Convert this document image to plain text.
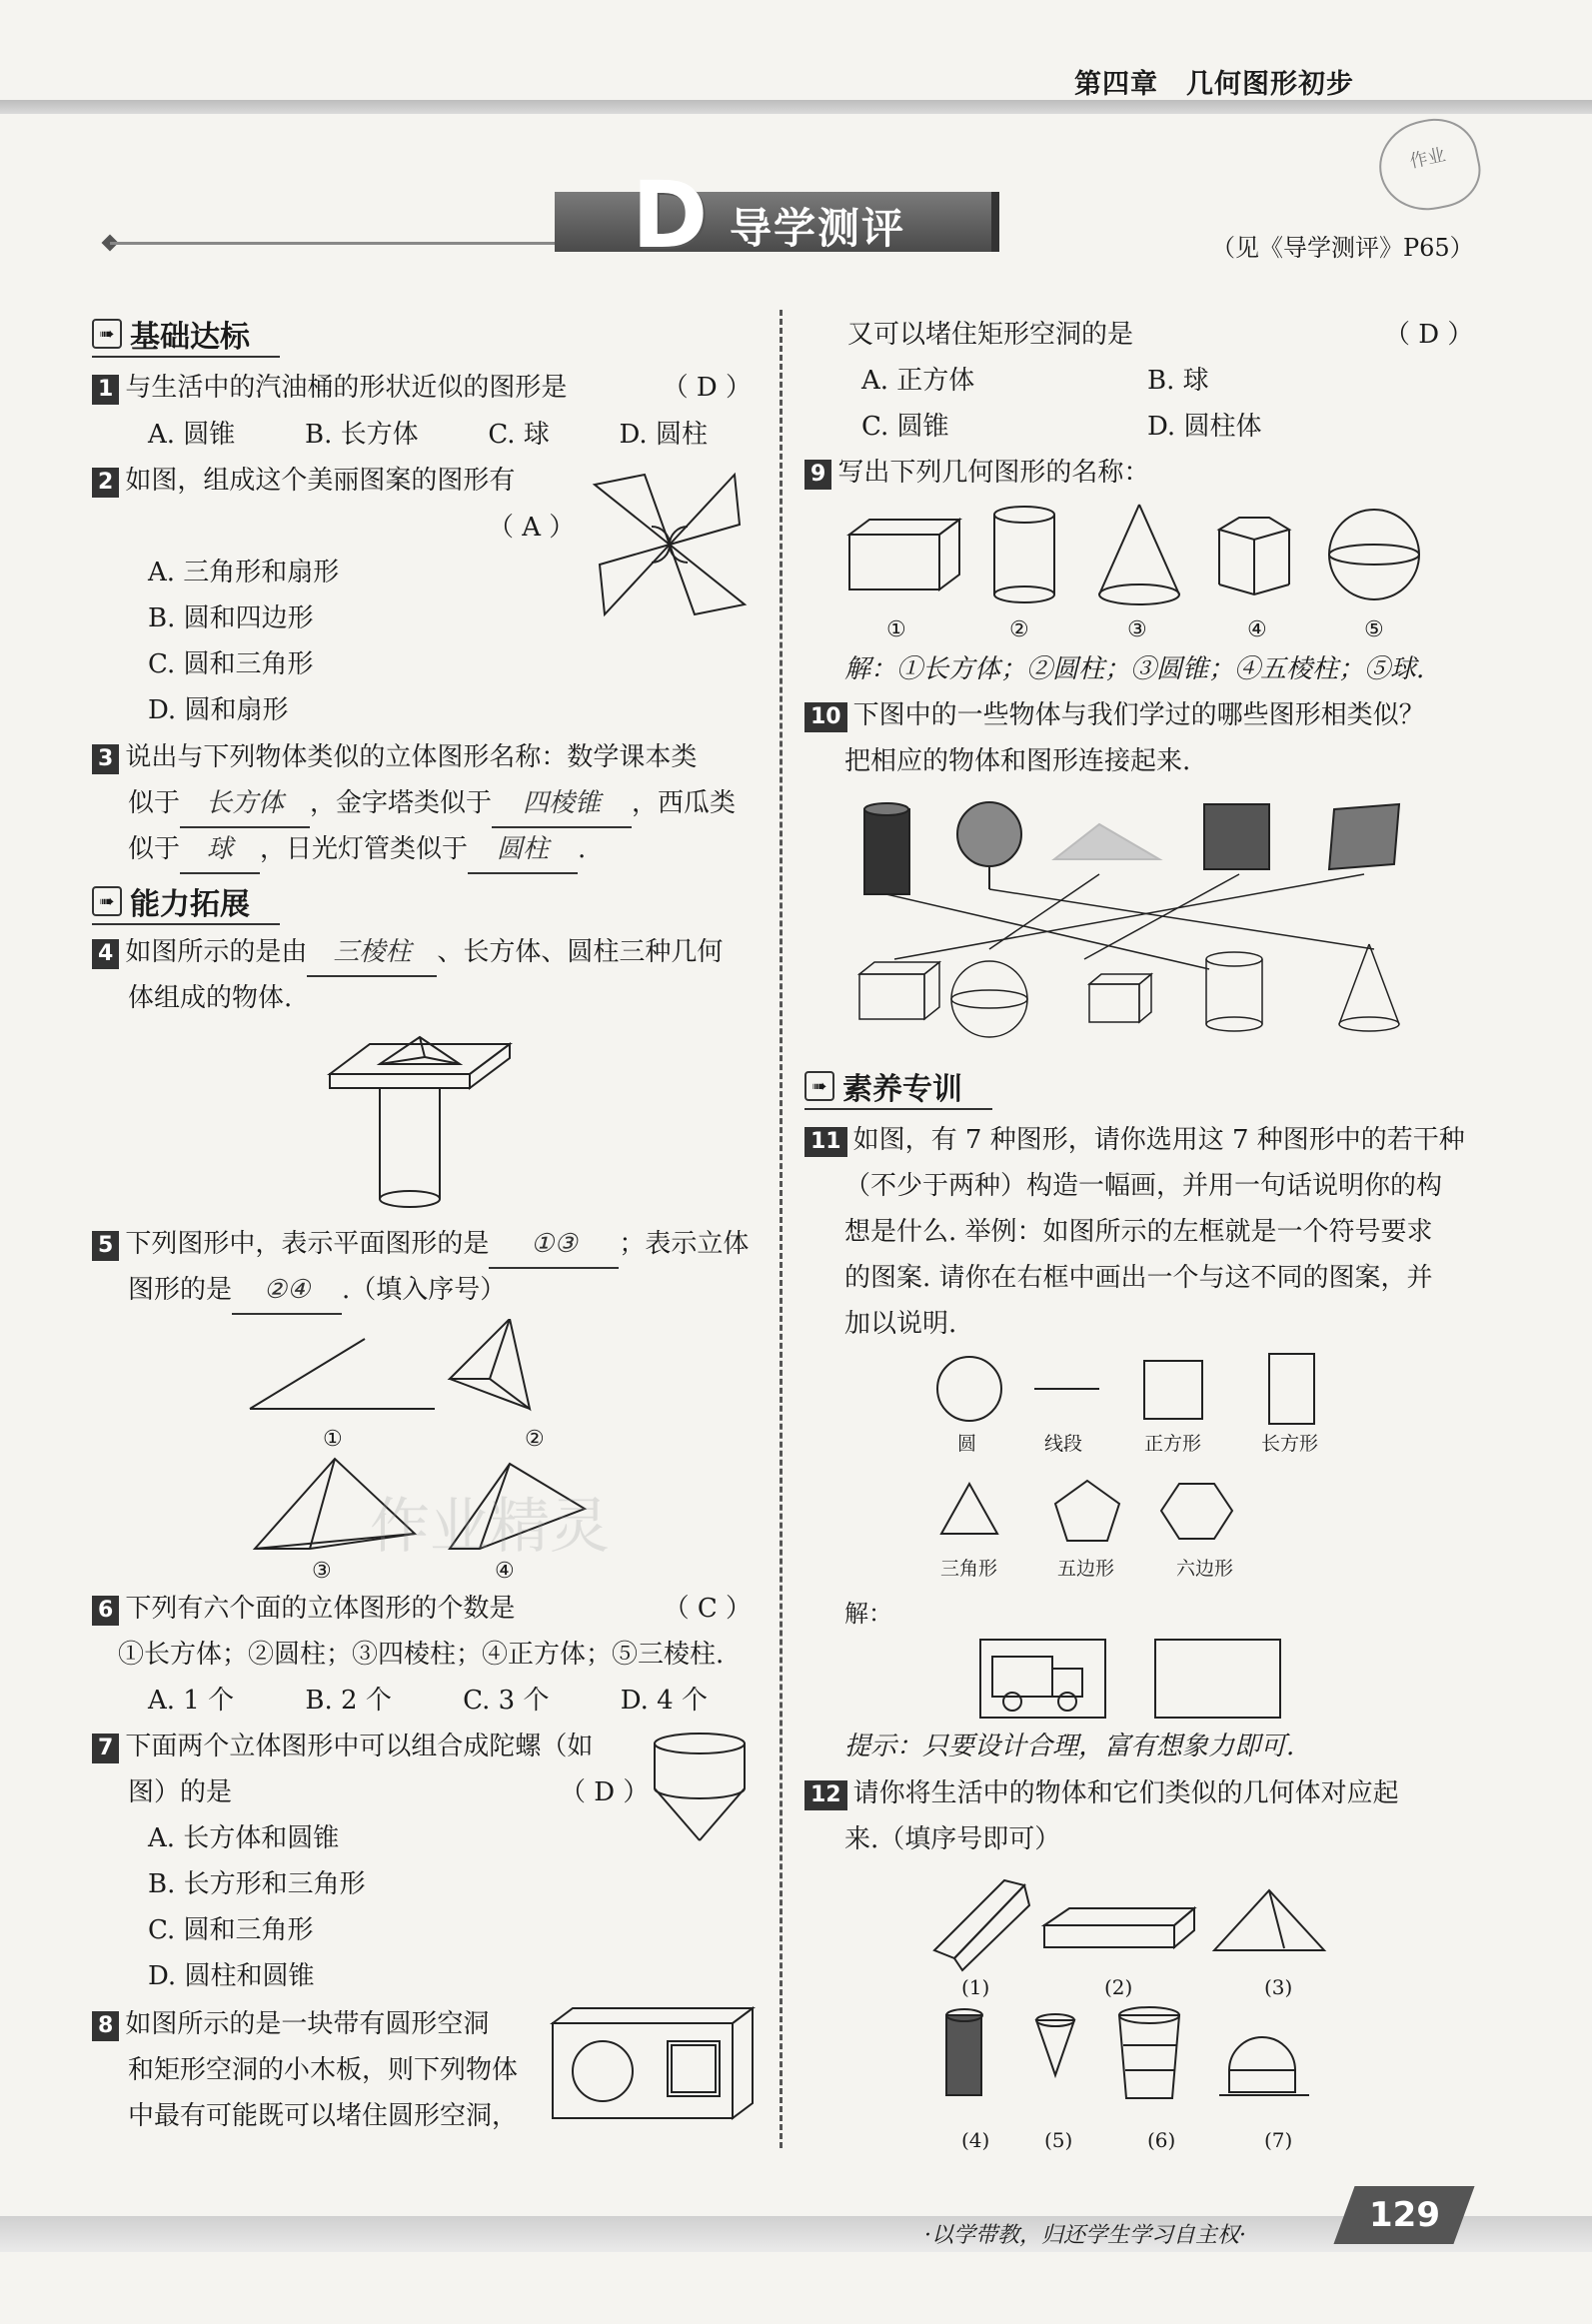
第四章　几何图形初步
作业
D 导学测评	（见《导学测评》P65）
➠ 基础达标
1 与生活中的汽油桶的形状近似的图形是	（ D ）
A. 圆锥	B. 长方体	C. 球	D. 圆柱
2 如图，组成这个美丽图案的图形有
（ A ）
A. 三角形和扇形
B. 圆和四边形
C. 圆和三角形
D. 圆和扇形
3 说出与下列物体类似的立体图形名称：数学课本类
似于 长方体 ，金字塔类似于 四棱锥 ，西瓜类
似于 球 ，日光灯管类似于 圆柱 .
➠ 能力拓展
4 如图所示的是由 三棱柱 、长方体、圆柱三种几何
体组成的物体.
5 下列图形中，表示平面图形的是 ①③ ；表示立体
图形的是 ②④ .（填入序号）
①	②
③	④
6 下列有六个面的立体图形的个数是	（ C ）
①长方体；②圆柱；③四棱柱；④正方体；⑤三棱柱.
A. 1 个	B. 2 个	C. 3 个	D. 4 个
7 下面两个立体图形中可以组合成陀螺（如
图）的是	（ D ）
A. 长方体和圆锥
B. 长方形和三角形
C. 圆和三角形
D. 圆柱和圆锥
8 如图所示的是一块带有圆形空洞
和矩形空洞的小木板，则下列物体
中最有可能既可以堵住圆形空洞，
又可以堵住矩形空洞的是	（ D ）
A. 正方体	B. 球
C. 圆锥	D. 圆柱体
9 写出下列几何图形的名称：
①	②	③	④	⑤
解：①长方体；②圆柱；③圆锥；④五棱柱；⑤球.
10 下图中的一些物体与我们学过的哪些图形相类似？
把相应的物体和图形连接起来.
➠ 素养专训
11 如图，有 7 种图形，请你选用这 7 种图形中的若干种
（不少于两种）构造一幅画，并用一句话说明你的构
想是什么. 举例：如图所示的左框就是一个符号要求
的图案. 请你在右框中画出一个与这不同的图案，并
加以说明.
圆	线段	正方形	长方形
三角形	五边形	六边形
解：
提示：只要设计合理，富有想象力即可.
12 请你将生活中的物体和它们类似的几何体对应起
来.（填序号即可）
(1)	(2)	(3)
(4)	(5)	(6)	(7)
作业精灵
·以学带教，归还学生学习自主权·
129
